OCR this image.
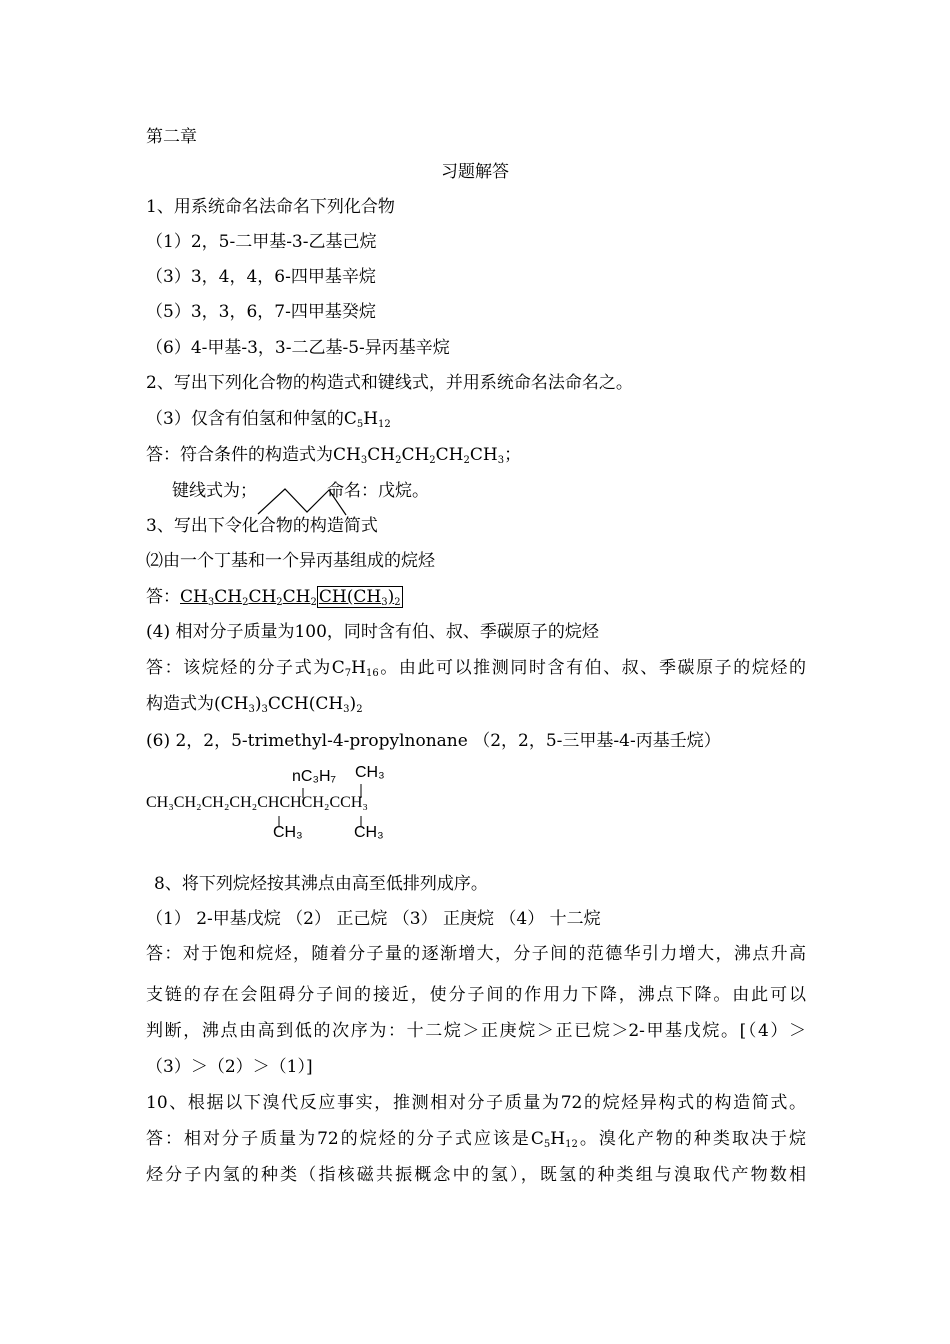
第二章
习题解答
1、用系统命名法命名下列化合物
（1）2，5-二甲基-3-乙基己烷
（3）3，4，4，6-四甲基辛烷
（5）3，3，6，7-四甲基癸烷
（6）4-甲基-3，3-二乙基-5-异丙基辛烷
2、写出下列化合物的构造式和键线式，并用系统命名法命名之。
（3）仅含有伯氢和仲氢的$C_5H_{12}$
答：符合条件的构造式为$CH_3CH_2CH_2CH_2CH_3$；
键线式为；	命名：戊烷。
3、写出下令化合物的构造简式
⑵由一个丁基和一个异丙基组成的烷烃
答：$CH_3CH_2CH_2CH_2$ $CH(CH_3)_2$
(4) 相对分子质量为100，同时含有伯、叔、季碳原子的烷烃
答：该烷烃的分子式为$C_7H_{16}$。由此可以推测同时含有伯、叔、季碳原子的烷烃的
构造式为$(CH_3)_3CCH(CH_3)_2$
(6) 2，2，5-trimethyl-4-propylnonane （2，2，5-三甲基-4-丙基壬烷）
nC₃H₇ CH₃
CH₃CH₂CH₂CH₂CHCHCH₂CCH₃
CH₃	CH₃
8、将下列烷烃按其沸点由高至低排列成序。
（1） 2-甲基戊烷 （2） 正己烷 （3） 正庚烷 （4） 十二烷
答：对于饱和烷烃，随着分子量的逐渐增大，分子间的范德华引力增大，沸点升高
支链的存在会阻碍分子间的接近，使分子间的作用力下降，沸点下降。由此可以
判断，沸点由高到低的次序为：十二烷＞正庚烷＞正已烷＞2-甲基戊烷。[（4）＞
（3）＞（2）＞（1）]
10、根据以下溴代反应事实，推测相对分子质量为72的烷烃异构式的构造简式。
答：相对分子质量为72的烷烃的分子式应该是$C_5H_{12}$。溴化产物的种类取决于烷
烃分子内氢的种类（指核磁共振概念中的氢），既氢的种类组与溴取代产物数相
